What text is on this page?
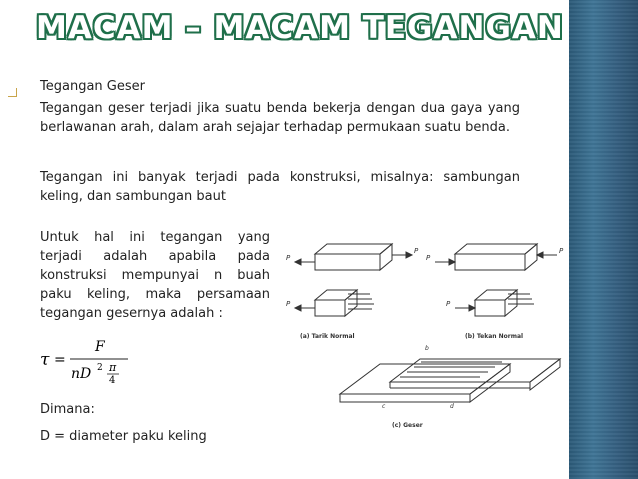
MACAM – MACAM TEGANGAN
Tegangan Geser

Tegangan geser terjadi jika suatu benda bekerja dengan dua gaya yang berlawanan arah, dalam arah sejajar terhadap permukaan suatu benda.

Tegangan ini banyak terjadi pada konstruksi, misalnya: sambungan keling, dan sambungan baut

Untuk hal ini tegangan yang terjadi adalah apabila pada konstruksi mempunyai n buah paku keling, maka persamaan tegangan gesernya adalah :

τ =
F
nD 2 π
4
Dimana:
D = diameter paku keling
P
P
P
P
P
P
(a) Tarik Normal	(b) Tekan Normal
b
c	d
(c) Geser
